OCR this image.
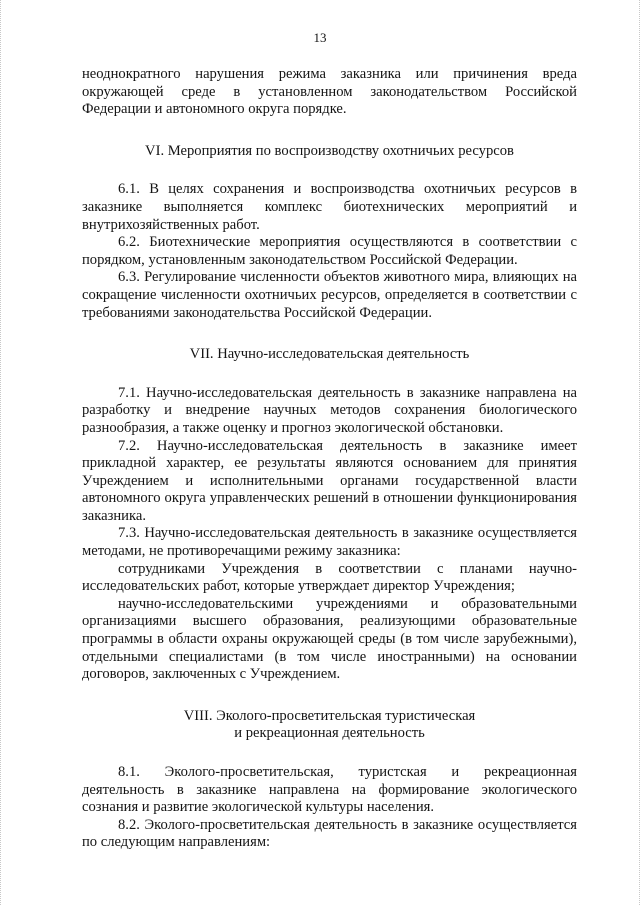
13

неоднократного нарушения режима заказника или причинения вреда окружающей среде в установленном законодательством Российской Федерации и автономного округа порядке.

VI. Мероприятия по воспроизводству охотничьих ресурсов

6.1. В целях сохранения и воспроизводства охотничьих ресурсов в заказнике выполняется комплекс биотехнических мероприятий и внутрихозяйственных работ.

6.2. Биотехнические мероприятия осуществляются в соответствии с порядком, установленным законодательством Российской Федерации.

6.3. Регулирование численности объектов животного мира, влияющих на сокращение численности охотничьих ресурсов, определяется в соответствии с требованиями законодательства Российской Федерации.

VII. Научно-исследовательская деятельность

7.1. Научно-исследовательская деятельность в заказнике направлена на разработку и внедрение научных методов сохранения биологического разнообразия, а также оценку и прогноз экологической обстановки.

7.2. Научно-исследовательская деятельность в заказнике имеет прикладной характер, ее результаты являются основанием для принятия Учреждением и исполнительными органами государственной власти автономного округа управленческих решений в отношении функционирования заказника.

7.3. Научно-исследовательская деятельность в заказнике осуществляется методами, не противоречащими режиму заказника:

сотрудниками Учреждения в соответствии с планами научно-исследовательских работ, которые утверждает директор Учреждения;

научно-исследовательскими учреждениями и образовательными организациями высшего образования, реализующими образовательные программы в области охраны окружающей среды (в том числе зарубежными), отдельными специалистами (в том числе иностранными) на основании договоров, заключенных с Учреждением.

VIII. Эколого-просветительская туристическая
и рекреационная деятельность

8.1. Эколого-просветительская, туристская и рекреационная деятельность в заказнике направлена на формирование экологического сознания и развитие экологической культуры населения.

8.2. Эколого-просветительская деятельность в заказнике осуществляется по следующим направлениям:
